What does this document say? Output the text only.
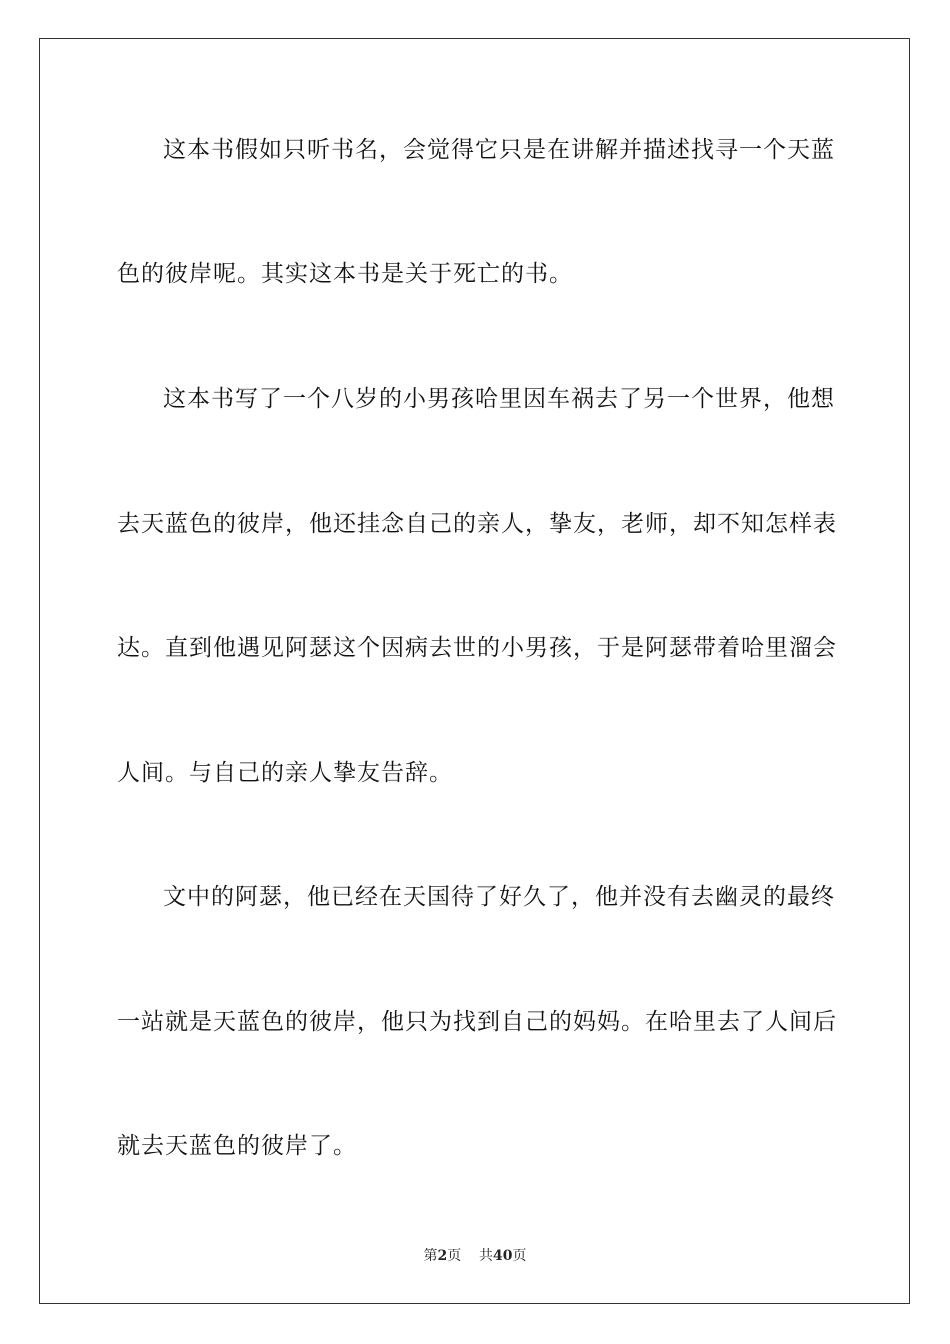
这本书假如只听书名，会觉得它只是在讲解并描述找寻一个天蓝
色的彼岸呢。其实这本书是关于死亡的书。
这本书写了一个八岁的小男孩哈里因车祸去了另一个世界，他想
去天蓝色的彼岸，他还挂念自己的亲人，挚友，老师，却不知怎样表
达。直到他遇见阿瑟这个因病去世的小男孩，于是阿瑟带着哈里溜会
人间。与自己的亲人挚友告辞。
文中的阿瑟，他已经在天国待了好久了，他并没有去幽灵的最终
一站就是天蓝色的彼岸，他只为找到自己的妈妈。在哈里去了人间后
就去天蓝色的彼岸了。
第2页 共40页
